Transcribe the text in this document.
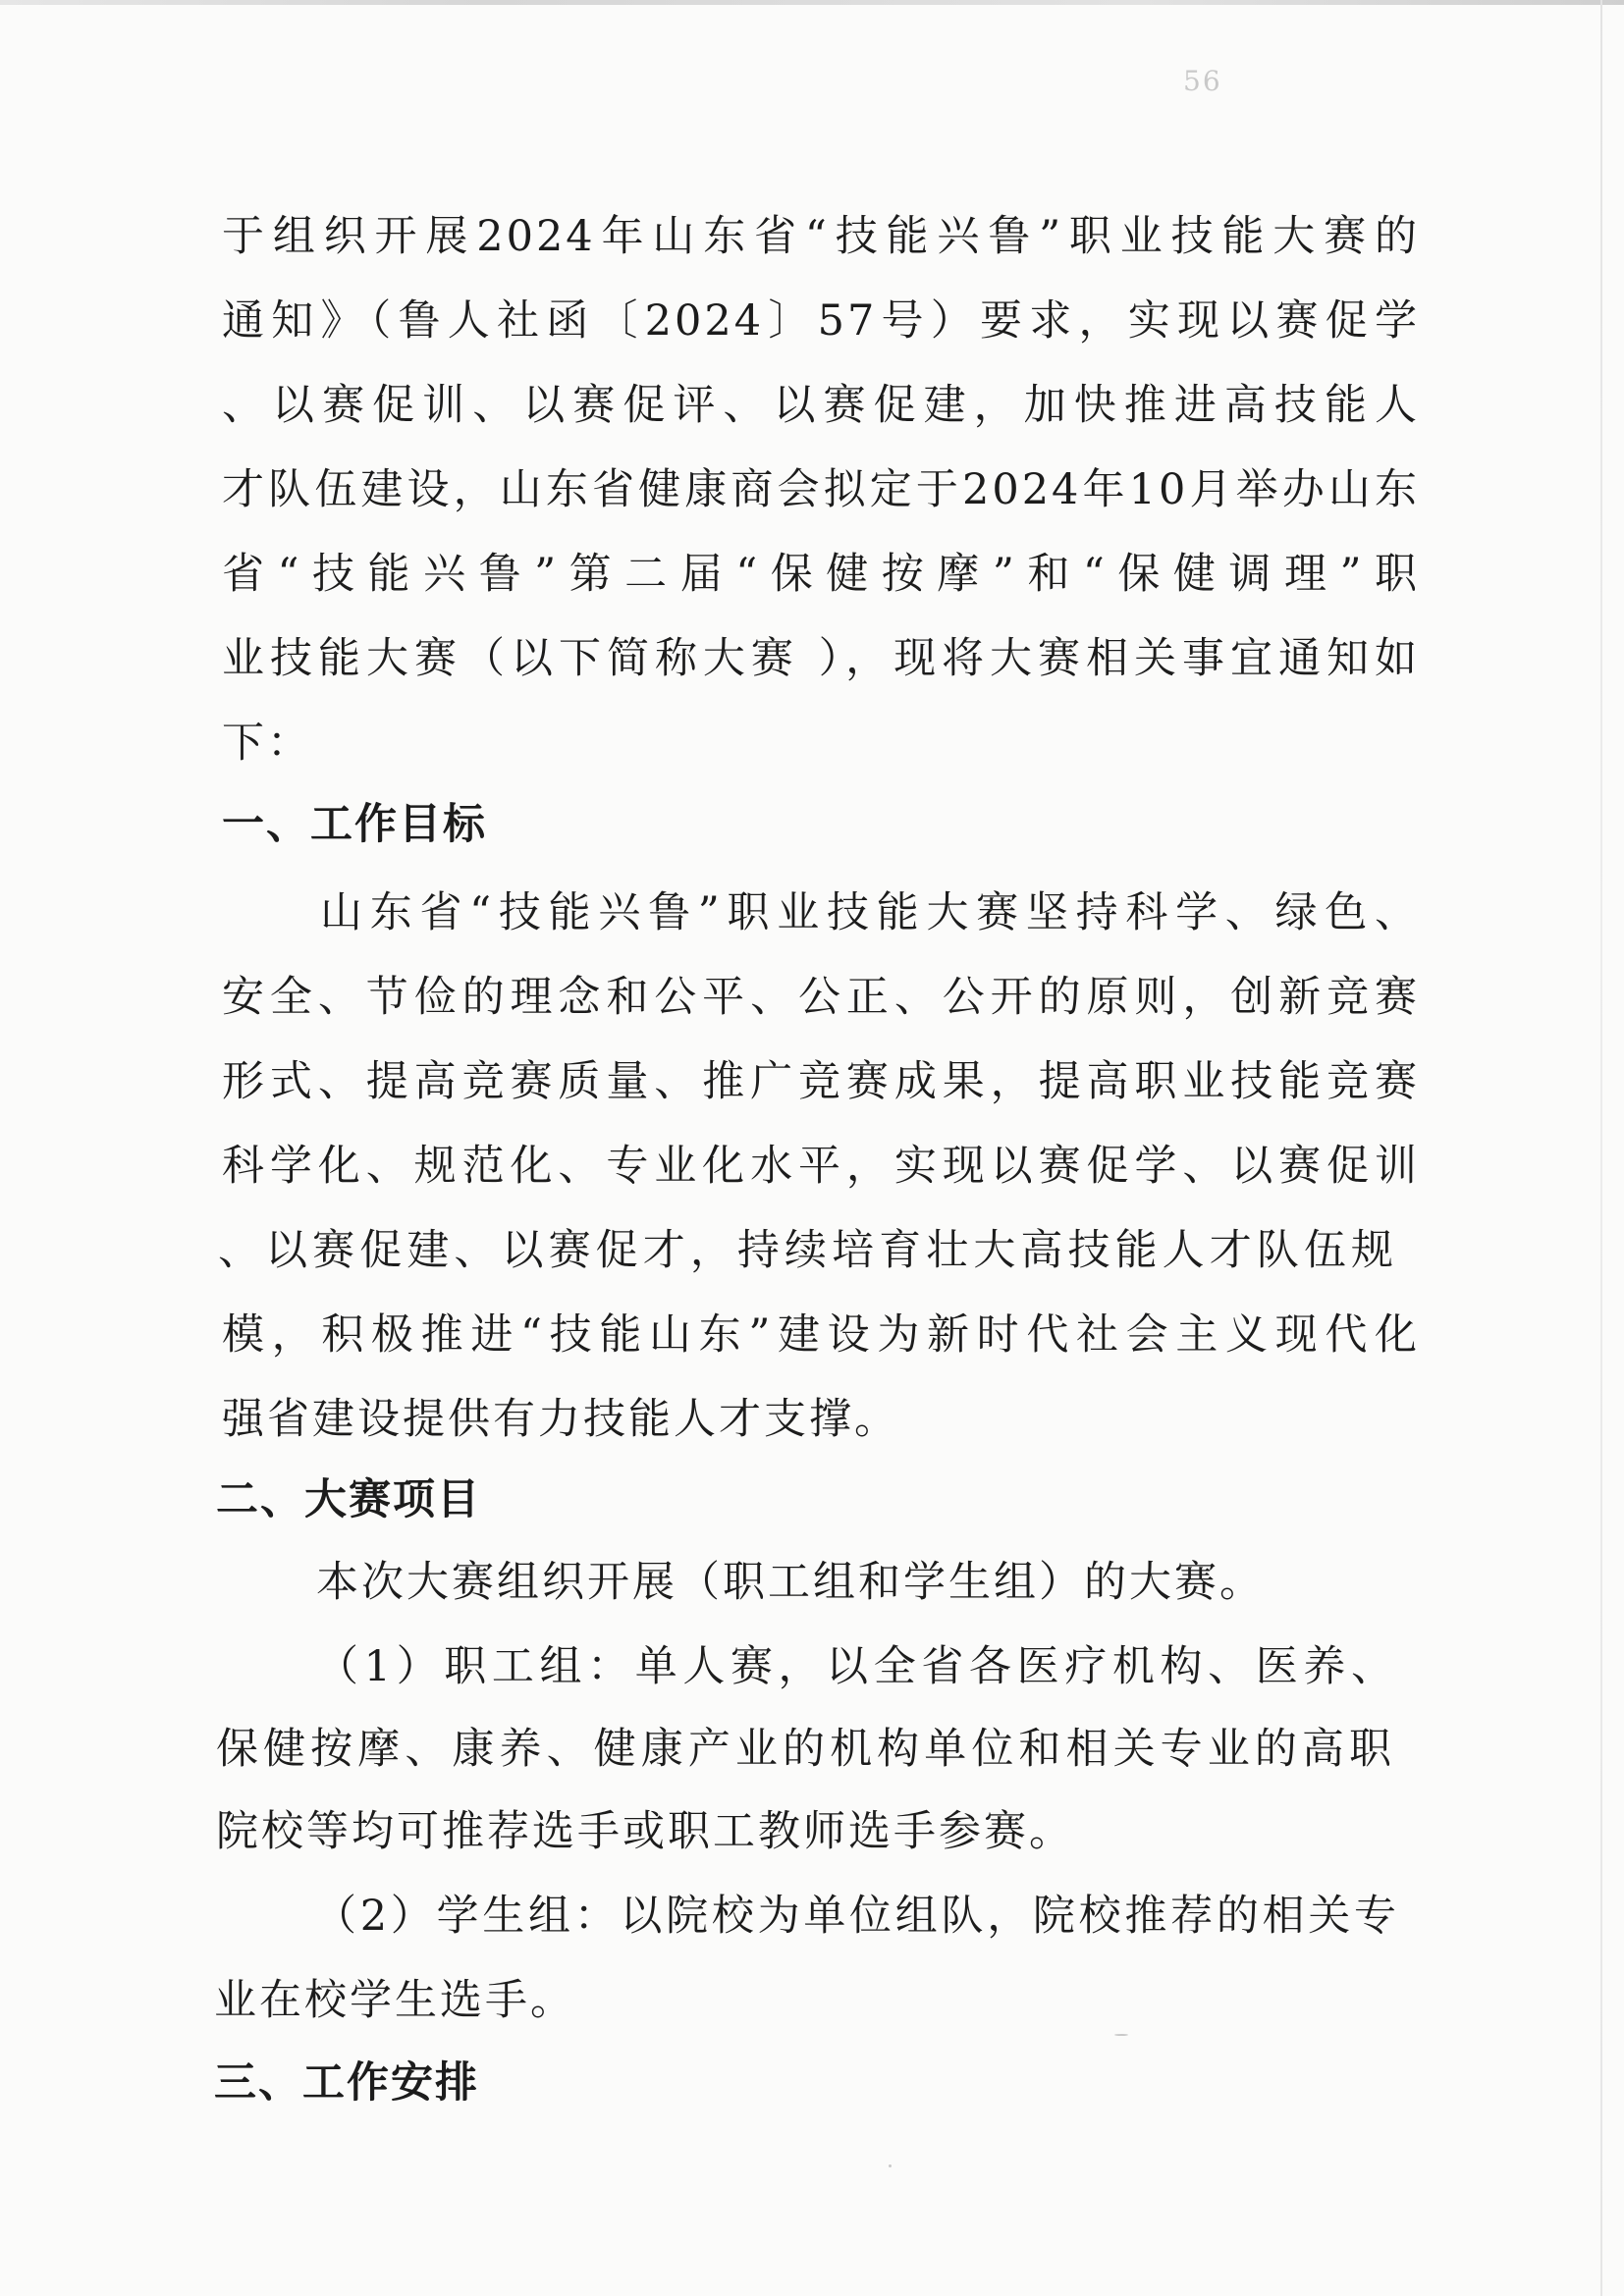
56
于组织开展2024年山东省“技能兴鲁”职业技能大赛的
通知》（鲁人社函〔2024〕57号）要求，实现以赛促学
、以赛促训、以赛促评、以赛促建，加快推进高技能人
才队伍建设，山东省健康商会拟定于2024年10月举办山东
省“技能兴鲁”第二届“保健按摩”和“保健调理”职
业技能大赛（以下简称大赛 ），现将大赛相关事宜通知如
下：
一、工作目标
山东省“技能兴鲁”职业技能大赛坚持科学、绿色、
安全、节俭的理念和公平、公正、公开的原则，创新竞赛
形式、提高竞赛质量、推广竞赛成果，提高职业技能竞赛
科学化、规范化、专业化水平，实现以赛促学、以赛促训
、以赛促建、以赛促才，持续培育壮大高技能人才队伍规
模，积极推进“技能山东”建设为新时代社会主义现代化
强省建设提供有力技能人才支撑。
二、大赛项目
本次大赛组织开展（职工组和学生组）的大赛。
（1）职工组：单人赛，以全省各医疗机构、医养、
保健按摩、康养、健康产业的机构单位和相关专业的高职
院校等均可推荐选手或职工教师选手参赛。
（2）学生组：以院校为单位组队，院校推荐的相关专
业在校学生选手。
三、工作安排
